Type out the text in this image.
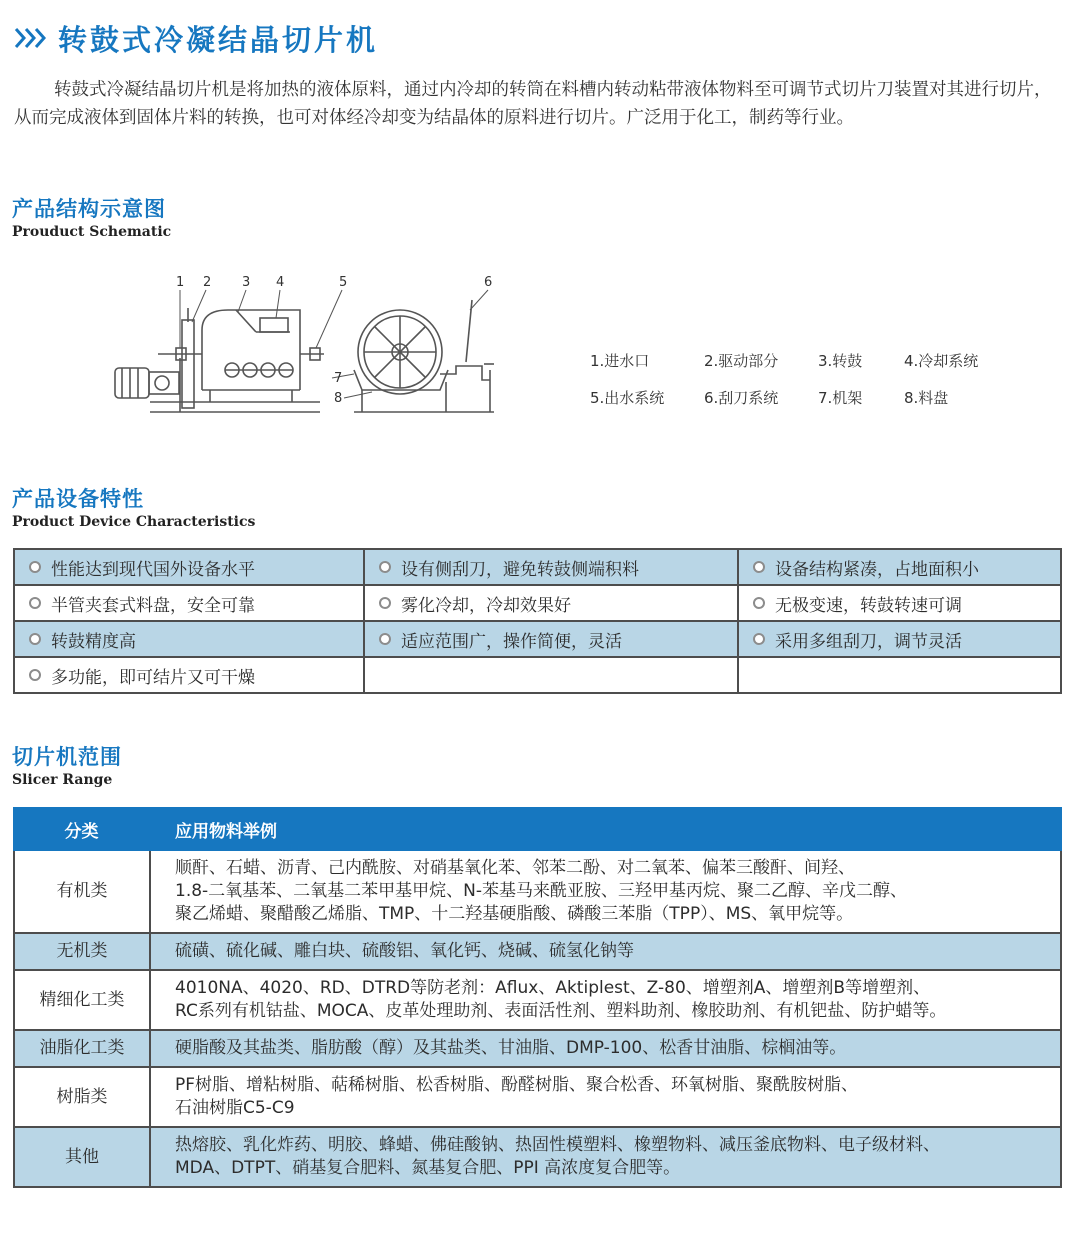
转鼓式冷凝结晶切片机
转鼓式冷凝结晶切片机是将加热的液体原料，通过内冷却的转筒在料槽内转动粘带液体物料至可调节式切片刀装置对其进行切片，从而完成液体到固体片料的转换，也可对体经冷却变为结晶体的原料进行切片。广泛用于化工，制药等行业。
产品结构示意图
Prouduct Schematic
1 2 3 4	5	6
7
8
1.进水口	2.驱动部分	3.转鼓	4.冷却系统
5.出水系统	6.刮刀系统	7.机架	8.料盘
产品设备特性
Product Device Characteristics
性能达到现代国外设备水平	设有侧刮刀，避免转鼓侧端积料	设备结构紧凑，占地面积小
半管夹套式料盘，安全可靠	雾化冷却，冷却效果好	无极变速，转鼓转速可调
转鼓精度高	适应范围广，操作简便，灵活	采用多组刮刀，调节灵活
多功能，即可结片又可干燥		
切片机范围
Slicer Range
分类	应用物料举例
有机类	顺酐、石蜡、沥青、己内酰胺、对硝基氧化苯、邻苯二酚、对二氧苯、偏苯三酸酐、间羟、
1.8-二氧基苯、二氧基二苯甲基甲烷、N-苯基马来酰亚胺、三羟甲基丙烷、聚二乙醇、辛戊二醇、
聚乙烯蜡、聚醋酸乙烯脂、TMP、十二羟基硬脂酸、磷酸三苯脂（TPP）、MS、氧甲烷等。

无机类	硫磺、硫化碱、雕白块、硫酸铝、氧化钙、烧碱、硫氢化钠等

精细化工类	4010NA、4020、RD、DTRD等防老剂：Aflux、Aktiplest、Z-80、增塑剂A、增塑剂B等增塑剂、
RC系列有机钴盐、MOCA、皮革处理助剂、表面活性剂、塑料助剂、橡胶助剂、有机钯盐、防护蜡等。

油脂化工类	硬脂酸及其盐类、脂肪酸（醇）及其盐类、甘油脂、DMP-100、松香甘油脂、棕榈油等。

树脂类	PF树脂、增粘树脂、萜稀树脂、松香树脂、酚醛树脂、聚合松香、环氧树脂、聚酰胺树脂、
石油树脂C5-C9

其他	热熔胶、乳化炸药、明胶、蜂蜡、佛硅酸钠、热固性模塑料、橡塑物料、减压釜底物料、电子级材料、
MDA、DTPT、硝基复合肥料、氮基复合肥、PPI 高浓度复合肥等。
